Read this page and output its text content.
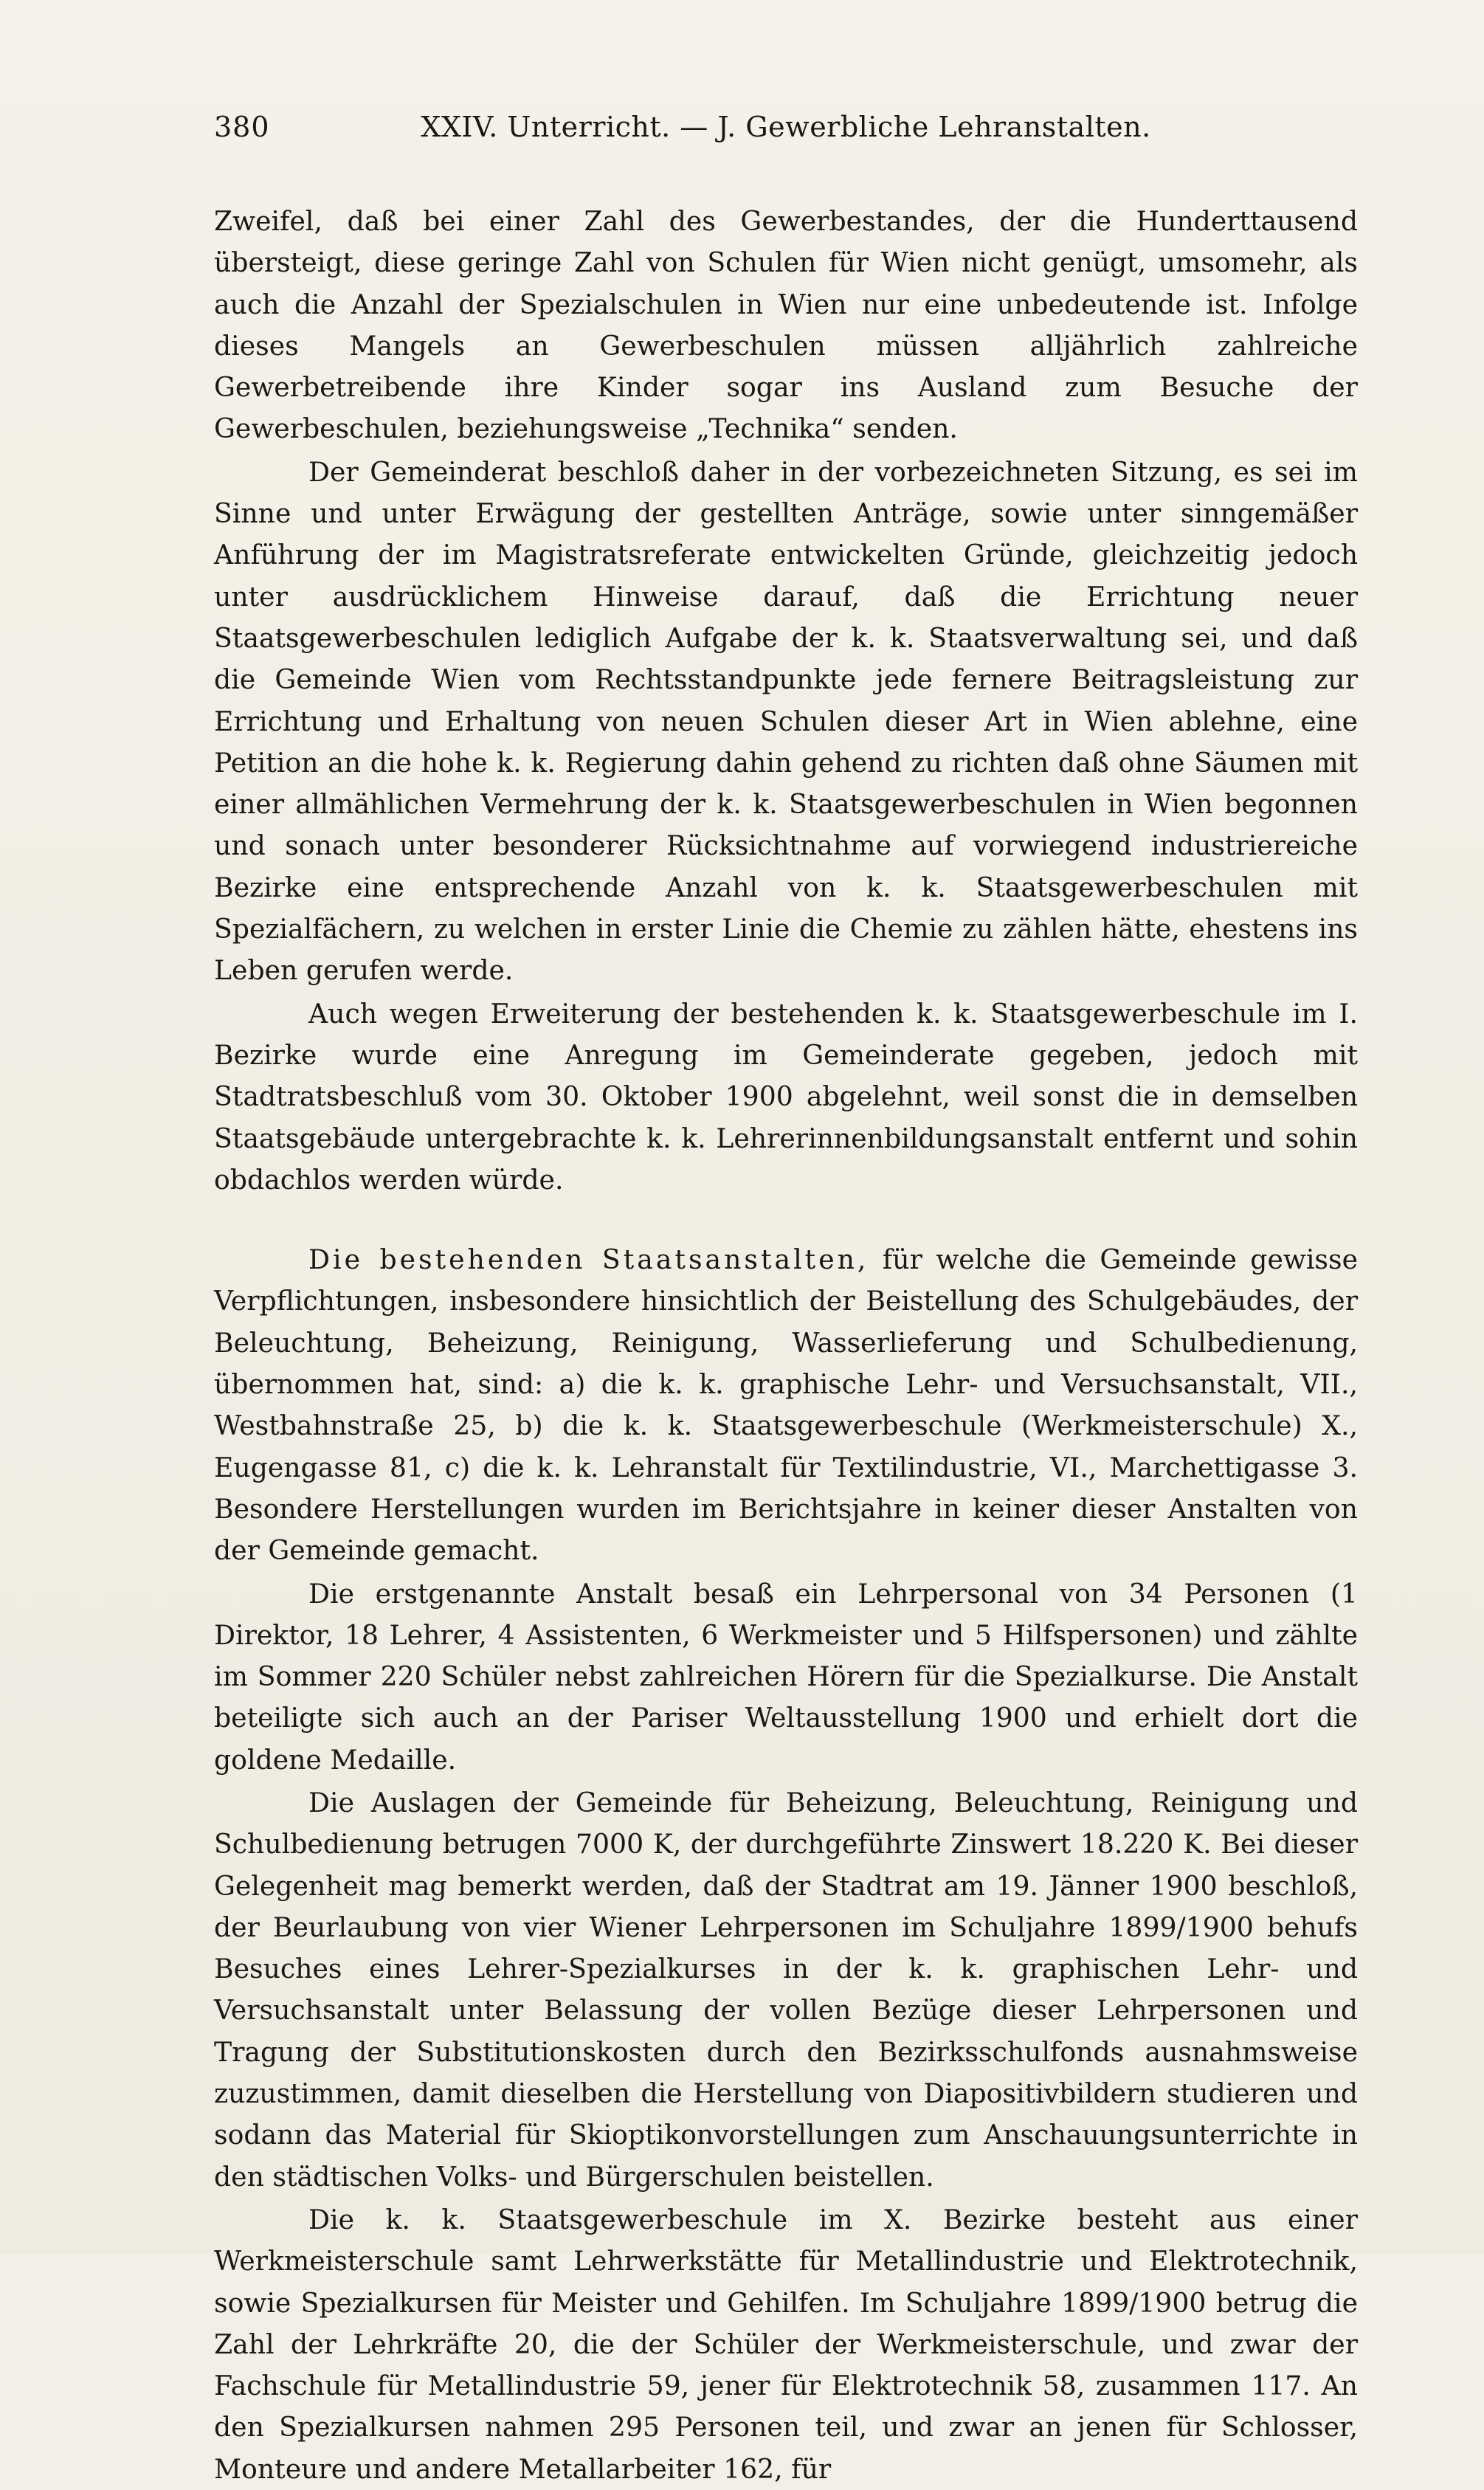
380	XXIV. Unterricht. — J. Gewerbliche Lehranstalten.

Zweifel, daß bei einer Zahl des Gewerbestandes, der die Hunderttausend übersteigt, diese geringe Zahl von Schulen für Wien nicht genügt, umsomehr, als auch die Anzahl der Spezialschulen in Wien nur eine unbedeutende ist. Infolge dieses Mangels an Gewerbeschulen müssen alljährlich zahlreiche Gewerbetreibende ihre Kinder sogar ins Ausland zum Besuche der Gewerbeschulen, beziehungsweise „Technika“ senden.

Der Gemeinderat beschloß daher in der vorbezeichneten Sitzung, es sei im Sinne und unter Erwägung der gestellten Anträge, sowie unter sinngemäßer Anführung der im Magistratsreferate entwickelten Gründe, gleichzeitig jedoch unter ausdrücklichem Hinweise darauf, daß die Errichtung neuer Staatsgewerbeschulen lediglich Aufgabe der k. k. Staatsverwaltung sei, und daß die Gemeinde Wien vom Rechtsstandpunkte jede fernere Beitragsleistung zur Errichtung und Erhaltung von neuen Schulen dieser Art in Wien ablehne, eine Petition an die hohe k. k. Regierung dahin gehend zu richten daß ohne Säumen mit einer allmählichen Vermehrung der k. k. Staatsgewerbeschulen in Wien begonnen und sonach unter besonderer Rücksichtnahme auf vorwiegend industriereiche Bezirke eine entsprechende Anzahl von k. k. Staatsgewerbeschulen mit Spezialfächern, zu welchen in erster Linie die Chemie zu zählen hätte, ehestens ins Leben gerufen werde.

Auch wegen Erweiterung der bestehenden k. k. Staatsgewerbeschule im I. Bezirke wurde eine Anregung im Gemeinderate gegeben, jedoch mit Stadtratsbeschluß vom 30. Oktober 1900 abgelehnt, weil sonst die in demselben Staatsgebäude untergebrachte k. k. Lehrerinnenbildungsanstalt entfernt und sohin obdachlos werden würde.

Die bestehenden Staatsanstalten, für welche die Gemeinde gewisse Verpflichtungen, insbesondere hinsichtlich der Beistellung des Schulgebäudes, der Beleuchtung, Beheizung, Reinigung, Wasserlieferung und Schulbedienung, übernommen hat, sind: a) die k. k. graphische Lehr- und Versuchsanstalt, VII., Westbahnstraße 25, b) die k. k. Staatsgewerbeschule (Werkmeisterschule) X., Eugengasse 81, c) die k. k. Lehranstalt für Textilindustrie, VI., Marchettigasse 3. Besondere Herstellungen wurden im Berichtsjahre in keiner dieser Anstalten von der Gemeinde gemacht.

Die erstgenannte Anstalt besaß ein Lehrpersonal von 34 Personen (1 Direktor, 18 Lehrer, 4 Assistenten, 6 Werkmeister und 5 Hilfspersonen) und zählte im Sommer 220 Schüler nebst zahlreichen Hörern für die Spezialkurse. Die Anstalt beteiligte sich auch an der Pariser Weltausstellung 1900 und erhielt dort die goldene Medaille.

Die Auslagen der Gemeinde für Beheizung, Beleuchtung, Reinigung und Schulbedienung betrugen 7000 K, der durchgeführte Zinswert 18.220 K. Bei dieser Gelegenheit mag bemerkt werden, daß der Stadtrat am 19. Jänner 1900 beschloß, der Beurlaubung von vier Wiener Lehrpersonen im Schuljahre 1899/1900 behufs Besuches eines Lehrer-Spezialkurses in der k. k. graphischen Lehr- und Versuchsanstalt unter Belassung der vollen Bezüge dieser Lehrpersonen und Tragung der Substitutionskosten durch den Bezirksschulfonds ausnahmsweise zuzustimmen, damit dieselben die Herstellung von Diapositivbildern studieren und sodann das Material für Skioptikonvorstellungen zum Anschauungsunterrichte in den städtischen Volks- und Bürgerschulen beistellen.

Die k. k. Staatsgewerbeschule im X. Bezirke besteht aus einer Werkmeisterschule samt Lehrwerkstätte für Metallindustrie und Elektrotechnik, sowie Spezialkursen für Meister und Gehilfen. Im Schuljahre 1899/1900 betrug die Zahl der Lehrkräfte 20, die der Schüler der Werkmeisterschule, und zwar der Fachschule für Metallindustrie 59, jener für Elektrotechnik 58, zusammen 117. An den Spezialkursen nahmen 295 Personen teil, und zwar an jenen für Schlosser, Monteure und andere Metallarbeiter 162, für
